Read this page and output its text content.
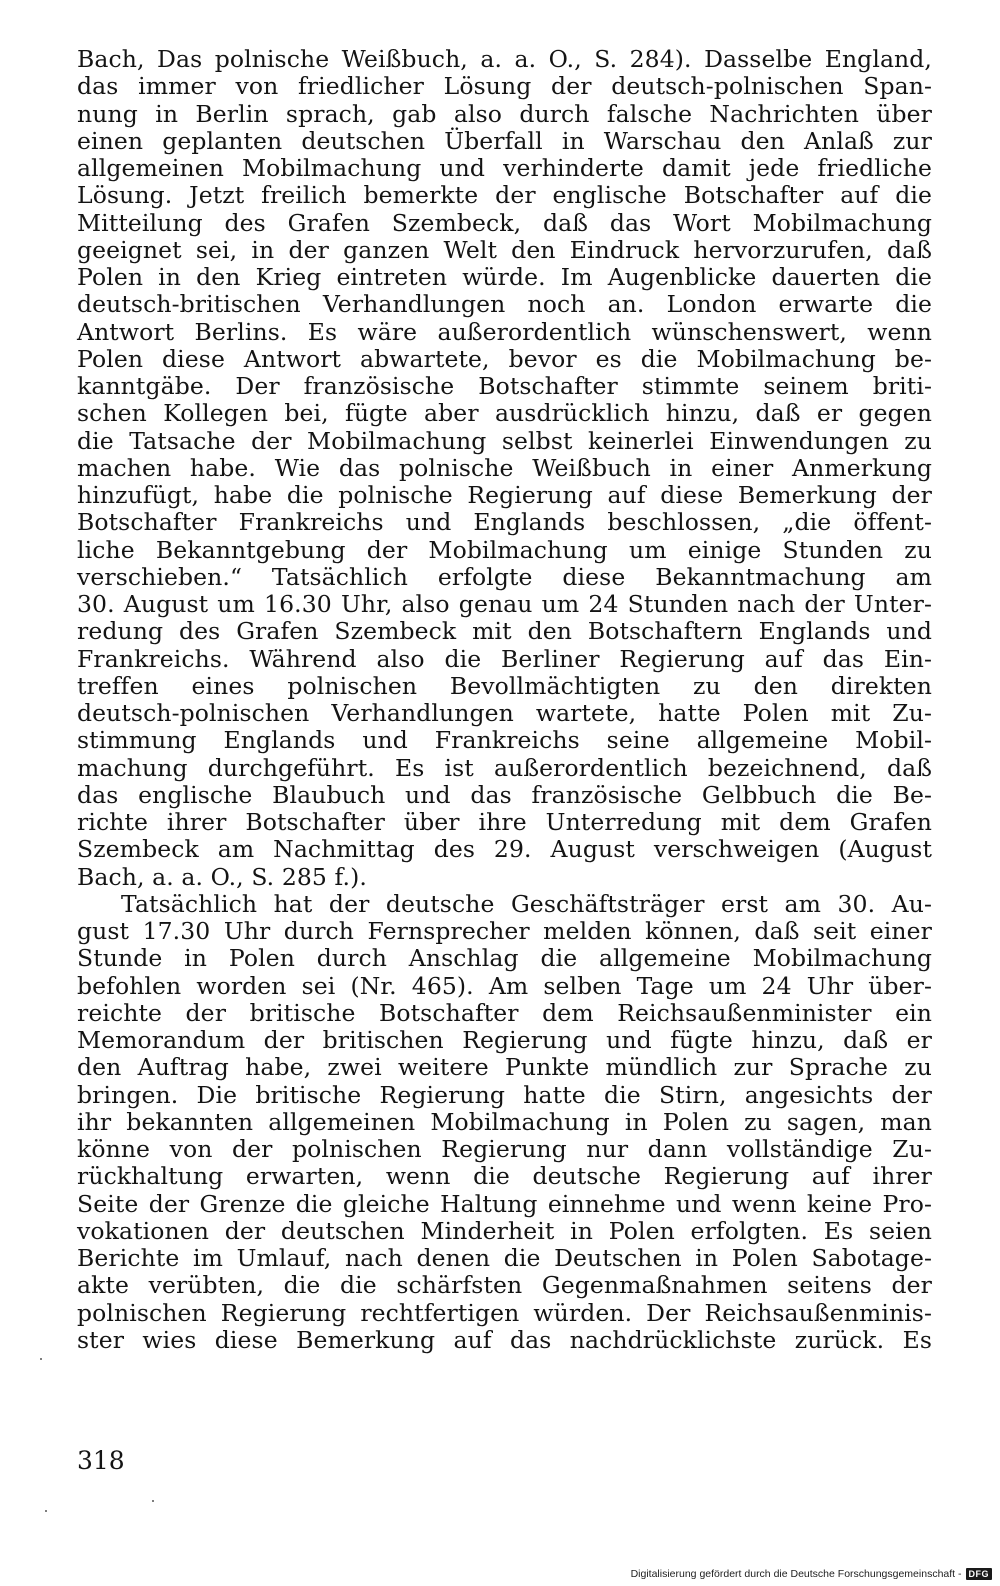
Bach, Das polnische Weißbuch, a. a. O., S. 284). Dasselbe England,
das immer von friedlicher Lösung der deutsch-polnischen Span-
nung in Berlin sprach, gab also durch falsche Nachrichten über
einen geplanten deutschen Überfall in Warschau den Anlaß zur
allgemeinen Mobilmachung und verhinderte damit jede friedliche
Lösung. Jetzt freilich bemerkte der englische Botschafter auf die
Mitteilung des Grafen Szembeck, daß das Wort Mobilmachung
geeignet sei, in der ganzen Welt den Eindruck hervorzurufen, daß
Polen in den Krieg eintreten würde. Im Augenblicke dauerten die
deutsch-britischen Verhandlungen noch an. London erwarte die
Antwort Berlins. Es wäre außerordentlich wünschenswert, wenn
Polen diese Antwort abwartete, bevor es die Mobilmachung be-
kanntgäbe. Der französische Botschafter stimmte seinem briti-
schen Kollegen bei, fügte aber ausdrücklich hinzu, daß er gegen
die Tatsache der Mobilmachung selbst keinerlei Einwendungen zu
machen habe. Wie das polnische Weißbuch in einer Anmerkung
hinzufügt, habe die polnische Regierung auf diese Bemerkung der
Botschafter Frankreichs und Englands beschlossen, „die öffent-
liche Bekanntgebung der Mobilmachung um einige Stunden zu
verschieben.“ Tatsächlich erfolgte diese Bekanntmachung am
30. August um 16.30 Uhr, also genau um 24 Stunden nach der Unter-
redung des Grafen Szembeck mit den Botschaftern Englands und
Frankreichs. Während also die Berliner Regierung auf das Ein-
treffen eines polnischen Bevollmächtigten zu den direkten
deutsch-polnischen Verhandlungen wartete, hatte Polen mit Zu-
stimmung Englands und Frankreichs seine allgemeine Mobil-
machung durchgeführt. Es ist außerordentlich bezeichnend, daß
das englische Blaubuch und das französische Gelbbuch die Be-
richte ihrer Botschafter über ihre Unterredung mit dem Grafen
Szembeck am Nachmittag des 29. August verschweigen (August
Bach, a. a. O., S. 285 f.).
Tatsächlich hat der deutsche Geschäftsträger erst am 30. Au-
gust 17.30 Uhr durch Fernsprecher melden können, daß seit einer
Stunde in Polen durch Anschlag die allgemeine Mobilmachung
befohlen worden sei (Nr. 465). Am selben Tage um 24 Uhr über-
reichte der britische Botschafter dem Reichsaußenminister ein
Memorandum der britischen Regierung und fügte hinzu, daß er
den Auftrag habe, zwei weitere Punkte mündlich zur Sprache zu
bringen. Die britische Regierung hatte die Stirn, angesichts der
ihr bekannten allgemeinen Mobilmachung in Polen zu sagen, man
könne von der polnischen Regierung nur dann vollständige Zu-
rückhaltung erwarten, wenn die deutsche Regierung auf ihrer
Seite der Grenze die gleiche Haltung einnehme und wenn keine Pro-
vokationen der deutschen Minderheit in Polen erfolgten. Es seien
Berichte im Umlauf, nach denen die Deutschen in Polen Sabotage-
akte verübten, die die schärfsten Gegenmaßnahmen seitens der
polnischen Regierung rechtfertigen würden. Der Reichsaußenminis-
ster wies diese Bemerkung auf das nachdrücklichste zurück. Es
318
Digitalisierung gefördert durch die Deutsche Forschungsgemeinschaft - DFG
